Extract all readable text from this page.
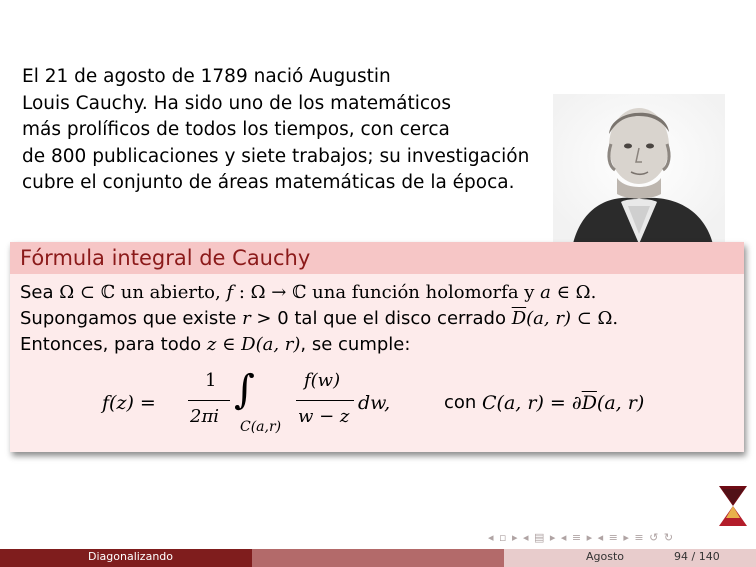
El 21 de agosto de 1789 nació Augustin
Louis Cauchy. Ha sido uno de los matemáticos
más prolíficos de todos los tiempos, con cerca
de 800 publicaciones y siete trabajos; su investigación
cubre el conjunto de áreas matemáticas de la época.
Fórmula integral de Cauchy
Sea Ω ⊂ ℂ un abierto, f : Ω → ℂ una función holomorfa y a ∈ Ω.
Supongamos que existe r > 0 tal que el disco cerrado $\overline{D}(a$, r) ⊂ Ω.
Entonces, para todo z ∈ D(a, r), se cumple:
f(z) =
1
2πi
∫
C(a,r)
f(w)
w − z
dw,	con C(a, $r) = \partial\overline{D}(a$, r)
◂ ▫ ▸ ◂ ▤ ▸ ◂ ≡ ▸ ◂ ≡ ▸ ≡ ↺ ↻
Diagonalizando	Agosto	94 / 140
